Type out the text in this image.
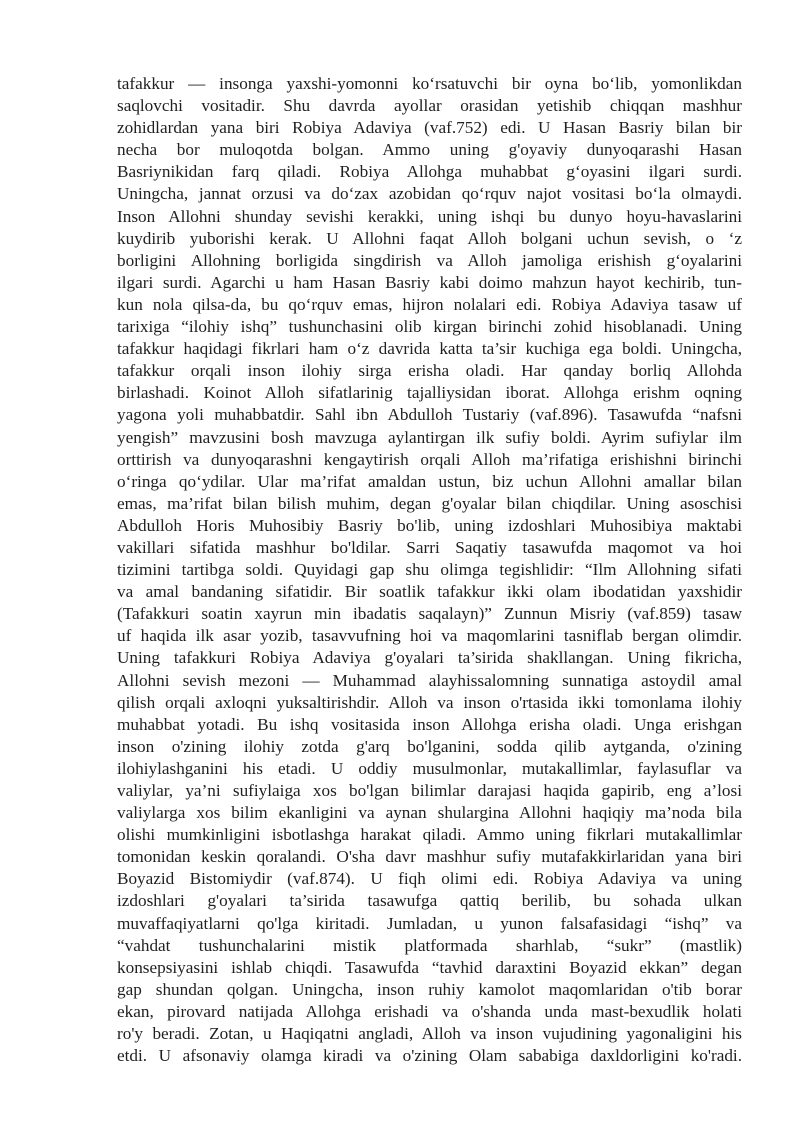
tafakkur — insonga yaxshi-yomonni ko‘rsatuvchi bir oyna bo‘lib, yomonlikdan
saqlovchi vositadir. Shu davrda ayollar orasidan yetishib chiqqan mashhur
zohidlardan yana biri Robiya Adaviya (vaf.752) edi. U Hasan Basriy bilan bir
necha bor muloqotda bolgan. Ammo uning g'oyaviy dunyoqarashi Hasan
Basriynikidan farq qiladi. Robiya Allohga muhabbat g‘oyasini ilgari surdi.
Uningcha, jannat orzusi va do‘zax azobidan qo‘rquv najot vositasi bo‘la olmaydi.
Inson Allohni shunday sevishi kerakki, uning ishqi bu dunyo hoyu-havaslarini
kuydirib yuborishi kerak. U Allohni faqat Alloh bolgani uchun sevish, o ‘z
borligini Allohning borligida singdirish va Alloh jamoliga erishish g‘oyalarini
ilgari surdi. Agarchi u ham Hasan Basriy kabi doimo mahzun hayot kechirib, tun-
kun nola qilsa-da, bu qo‘rquv emas, hijron nolalari edi. Robiya Adaviya tasaw uf
tarixiga “ilohiy ishq” tushunchasini olib kirgan birinchi zohid hisoblanadi. Uning
tafakkur haqidagi fikrlari ham o‘z davrida katta ta’sir kuchiga ega boldi. Uningcha,
tafakkur orqali inson ilohiy sirga erisha oladi. Har qanday borliq Allohda
birlashadi. Koinot Alloh sifatlarinig tajalliysidan iborat. Allohga erishm oqning
yagona yoli muhabbatdir. Sahl ibn Abdulloh Tustariy (vaf.896). Tasawufda “nafsni
yengish” mavzusini bosh mavzuga aylantirgan ilk sufiy boldi. Ayrim sufiylar ilm
orttirish va dunyoqarashni kengaytirish orqali Alloh ma’rifatiga erishishni birinchi
o‘ringa qo‘ydilar. Ular ma’rifat amaldan ustun, biz uchun Allohni amallar bilan
emas, ma’rifat bilan bilish muhim, degan g'oyalar bilan chiqdilar. Uning asoschisi
Abdulloh Horis Muhosibiy Basriy bo'lib, uning izdoshlari Muhosibiya maktabi
vakillari sifatida mashhur bo'ldilar. Sarri Saqatiy tasawufda maqomot va hoi
tizimini tartibga soldi. Quyidagi gap shu olimga tegishlidir: “Ilm Allohning sifati
va amal bandaning sifatidir. Bir soatlik tafakkur ikki olam ibodatidan yaxshidir
(Tafakkuri soatin xayrun min ibadatis saqalayn)” Zunnun Misriy (vaf.859) tasaw
uf haqida ilk asar yozib, tasavvufning hoi va maqomlarini tasniflab bergan olimdir.
Uning tafakkuri Robiya Adaviya g'oyalari ta’sirida shakllangan. Uning fikricha,
Allohni sevish mezoni — Muhammad alayhissalomning sunnatiga astoydil amal
qilish orqali axloqni yuksaltirishdir. Alloh va inson o'rtasida ikki tomonlama ilohiy
muhabbat yotadi. Bu ishq vositasida inson Allohga erisha oladi. Unga erishgan
inson o'zining ilohiy zotda g'arq bo'lganini, sodda qilib aytganda, o'zining
ilohiylashganini his etadi. U oddiy musulmonlar, mutakallimlar, faylasuflar va
valiylar, ya’ni sufiylaiga xos bo'lgan bilimlar darajasi haqida gapirib, eng a’losi
valiylarga xos bilim ekanligini va aynan shulargina Allohni haqiqiy ma’noda bila
olishi mumkinligini isbotlashga harakat qiladi. Ammo uning fikrlari mutakallimlar
tomonidan keskin qoralandi. O'sha davr mashhur sufiy mutafakkirlaridan yana biri
Boyazid Bistomiydir (vaf.874). U fiqh olimi edi. Robiya Adaviya va uning
izdoshlari g'oyalari ta’sirida tasawufga qattiq berilib, bu sohada ulkan
muvaffaqiyatlarni qo'lga kiritadi. Jumladan, u yunon falsafasidagi “ishq” va
“vahdat tushunchalarini mistik platformada sharhlab, “sukr” (mastlik)
konsepsiyasini ishlab chiqdi. Tasawufda “tavhid daraxtini Boyazid ekkan” degan
gap shundan qolgan. Uningcha, inson ruhiy kamolot maqomlaridan o'tib borar
ekan, pirovard natijada Allohga erishadi va o'shanda unda mast-bexudlik holati
ro'y beradi. Zotan, u Haqiqatni angladi, Alloh va inson vujudining yagonaligini his
etdi. U afsonaviy olamga kiradi va o'zining Olam sababiga daxldorligini ko'radi.
